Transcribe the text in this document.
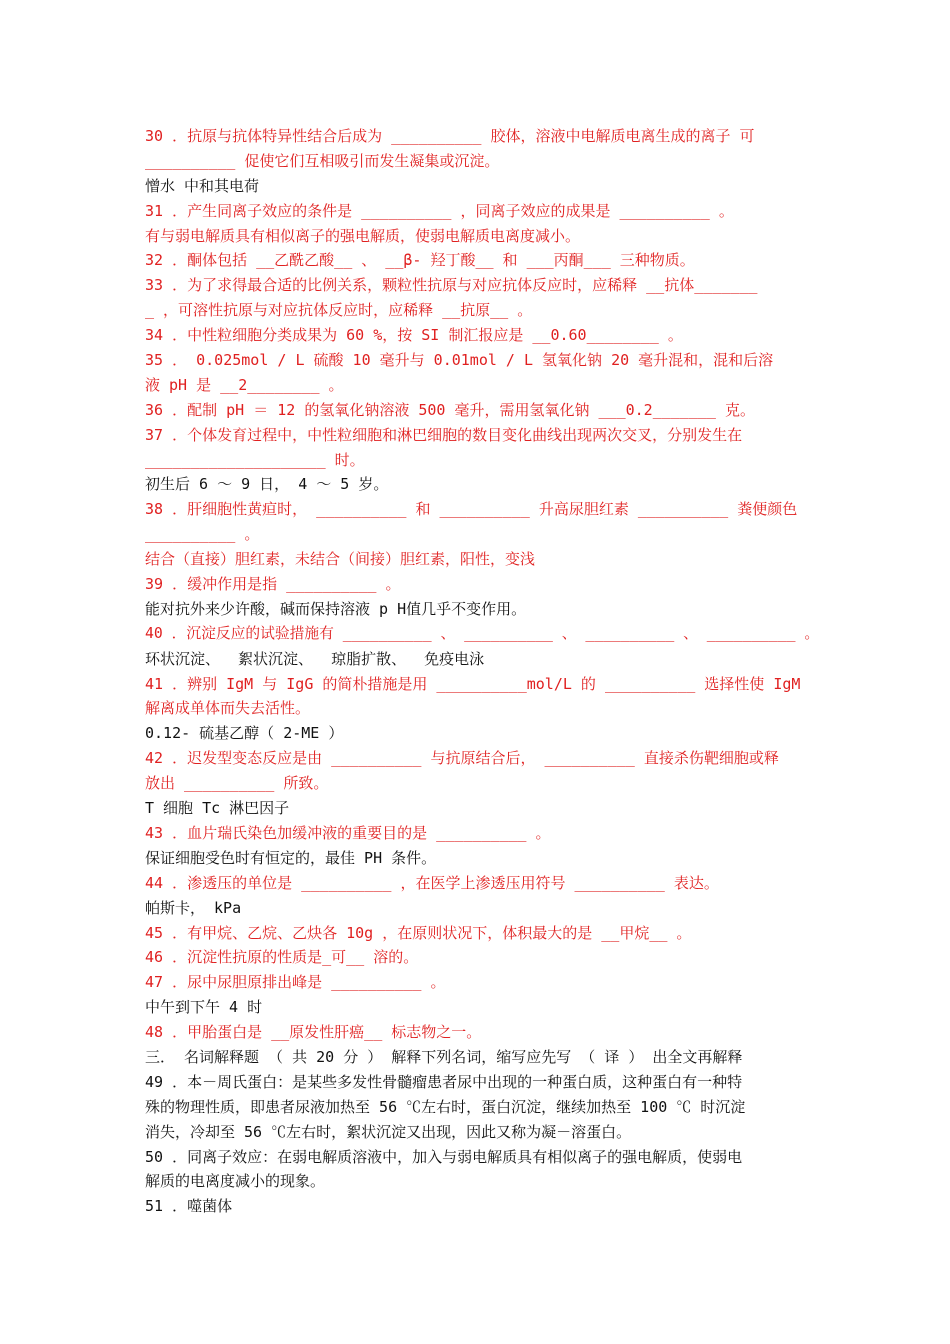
30 ．抗原与抗体特异性结合后成为 __________ 胶体，溶液中电解质电离生成的离子 可
__________ 促使它们互相吸引而发生凝集或沉淀。
憎水 中和其电荷
31 ．产生同离子效应的条件是 __________ ，同离子效应的成果是 __________ 。
有与弱电解质具有相似离子的强电解质，使弱电解质电离度减小。
32 ．酮体包括 __乙酰乙酸__ 、 __β- 羟丁酸__ 和 ___丙酮___ 三种物质。
33 ．为了求得最合适的比例关系，颗粒性抗原与对应抗体反应时，应稀释 __抗体_______
_ ，可溶性抗原与对应抗体反应时，应稀释 __抗原__ 。
34 ．中性粒细胞分类成果为 60 %，按 SI 制汇报应是 __0.60________ 。
35 ． 0.025mol / L 硫酸 10 毫升与 0.01mol / L 氢氧化钠 20 毫升混和，混和后溶
液 pH 是 __2________ 。
36 ．配制 pH ＝ 12 的氢氧化钠溶液 500 毫升，需用氢氧化钠 ___0.2_______ 克。
37 ．个体发育过程中，中性粒细胞和淋巴细胞的数目变化曲线出现两次交叉，分别发生在
____________________ 时。
初生后 6 ～ 9 日， 4 ～ 5 岁。
38 ．肝细胞性黄疸时， __________ 和 __________ 升高尿胆红素 __________ 粪便颜色
__________ 。
结合（直接）胆红素，未结合（间接）胆红素，阳性，变浅
39 ．缓冲作用是指 __________ 。
能对抗外来少许酸，碱而保持溶液 p H值几乎不变作用。
40 ．沉淀反应的试验措施有 __________ 、 __________ 、 __________ 、 __________ 。
环状沉淀、  絮状沉淀、  琼脂扩散、  免疫电泳
41 ．辨别 IgM 与 IgG 的简朴措施是用 __________mol/L 的 __________ 选择性使 IgM
解离成单体而失去活性。
0.12- 硫基乙醇（ 2-ME ）
42 ．迟发型变态反应是由 __________ 与抗原结合后， __________ 直接杀伤靶细胞或释
放出 __________ 所致。
T 细胞 Tc 淋巴因子
43 ．血片瑞氏染色加缓冲液的重要目的是 __________ 。
保证细胞受色时有恒定的，最佳 PH 条件。
44 ．渗透压的单位是 __________ ，在医学上渗透压用符号 __________ 表达。
帕斯卡， kPa
45 ．有甲烷、乙烷、乙炔各 10g ，在原则状况下，体积最大的是 __甲烷__ 。
46 ．沉淀性抗原的性质是_可__ 溶的。
47 ．尿中尿胆原排出峰是 __________ 。
中午到下午 4 时
48 ．甲胎蛋白是 __原发性肝癌__ 标志物之一。
三． 名词解释题 （ 共 20 分 ） 解释下列名词，缩写应先写 （ 译 ） 出全文再解释
49 ．本－周氏蛋白：是某些多发性骨髓瘤患者尿中出现的一种蛋白质，这种蛋白有一种特
殊的物理性质，即患者尿液加热至 56 ℃左右时，蛋白沉淀，继续加热至 100 ℃ 时沉淀
消失，冷却至 56 ℃左右时，絮状沉淀又出现，因此又称为凝－溶蛋白。
50 ．同离子效应：在弱电解质溶液中，加入与弱电解质具有相似离子的强电解质，使弱电
解质的电离度减小的现象。
51 ．噬菌体
